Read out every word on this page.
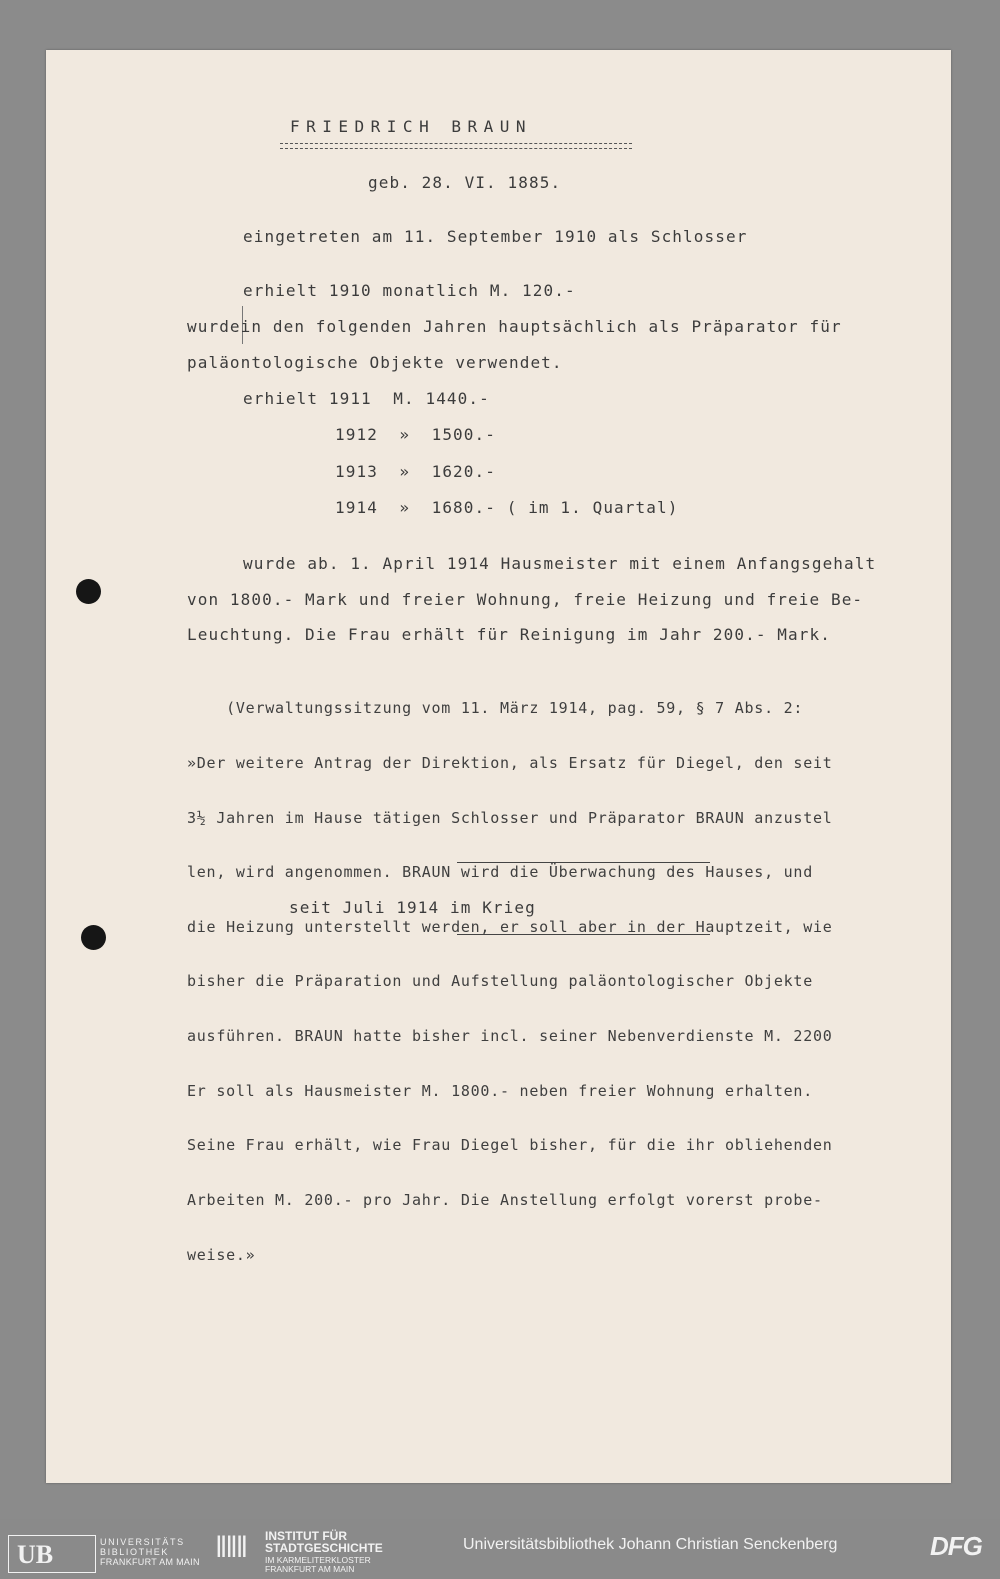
FRIEDRICH BRAUN
geb. 28. VI. 1885.
eingetreten am 11. September 1910 als Schlosser
erhielt 1910 monatlich M. 120.-
wurdein den folgenden Jahren hauptsächlich als Präparator für
paläontologische Objekte verwendet.
erhielt 1911  M. 1440.-
1912  »  1500.-
1913  »  1620.-
1914  »  1680.- ( im 1. Quartal)
wurde ab. 1. April 1914 Hausmeister mit einem Anfangsgehalt
von 1800.- Mark und freier Wohnung, freie Heizung und freie Be-
Leuchtung. Die Frau erhält für Reinigung im Jahr 200.- Mark.

(Verwaltungssitzung vom 11. März 1914, pag. 59, § 7 Abs. 2:

»Der weitere Antrag der Direktion, als Ersatz für Diegel, den seit

3½ Jahren im Hause tätigen Schlosser und Präparator BRAUN anzustel

len, wird angenommen. BRAUN wird die Überwachung des Hauses, und

die Heizung unterstellt werden, er soll aber in der Hauptzeit, wie

bisher die Präparation und Aufstellung paläontologischer Objekte

ausführen. BRAUN hatte bisher incl. seiner Nebenverdienste M. 2200

Er soll als Hausmeister M. 1800.- neben freier Wohnung erhalten.

Seine Frau erhält, wie Frau Diegel bisher, für die ihr obliehenden

Arbeiten M. 200.- pro Jahr. Die Anstellung erfolgt vorerst probe-

weise.»

seit Juli 1914 im Krieg
UB	UNIVERSITÄTS
BIBLIOTHEK
FRANKFURT AM MAIN ‖‖‖ INSTITUT FÜR
STADTGESCHICHTE
IM KARMELITERKLOSTER
FRANKFURT AM MAIN
Universitätsbibliothek Johann Christian Senckenberg	DFG
